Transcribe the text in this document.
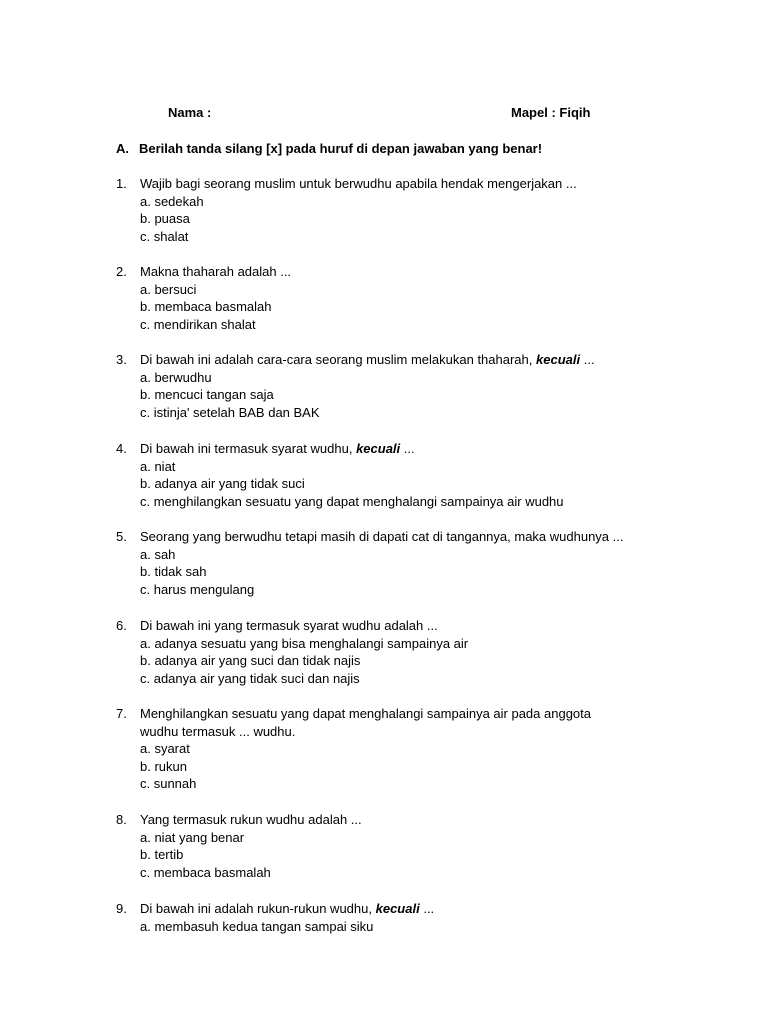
Nama :	Mapel : Fiqih
A. Berilah tanda silang [x] pada huruf di depan jawaban yang benar!
1.	Wajib bagi seorang muslim untuk berwudhu apabila hendak mengerjakan ...
a. sedekah
b. puasa
c. shalat
2.	Makna thaharah adalah ...
a. bersuci
b. membaca basmalah
c. mendirikan shalat
3.	Di bawah ini adalah cara-cara seorang muslim melakukan thaharah, kecuali ...
a. berwudhu
b. mencuci tangan saja
c. istinja' setelah BAB dan BAK
4.	Di bawah ini termasuk syarat wudhu, kecuali ...
a. niat
b. adanya air yang tidak suci
c. menghilangkan sesuatu yang dapat menghalangi sampainya air wudhu
5.	Seorang yang berwudhu tetapi masih di dapati cat di tangannya, maka wudhunya ...
a. sah
b. tidak sah
c. harus mengulang
6.	Di bawah ini yang termasuk syarat wudhu adalah ...
a. adanya sesuatu yang bisa menghalangi sampainya air
b. adanya air yang suci dan tidak najis
c. adanya air yang tidak suci dan najis
7.	Menghilangkan sesuatu yang dapat menghalangi sampainya air pada anggota
wudhu termasuk ... wudhu.
a. syarat
b. rukun
c. sunnah
8.	Yang termasuk rukun wudhu adalah ...
a. niat yang benar
b. tertib
c. membaca basmalah
9.	Di bawah ini adalah rukun-rukun wudhu, kecuali ...
a. membasuh kedua tangan sampai siku
